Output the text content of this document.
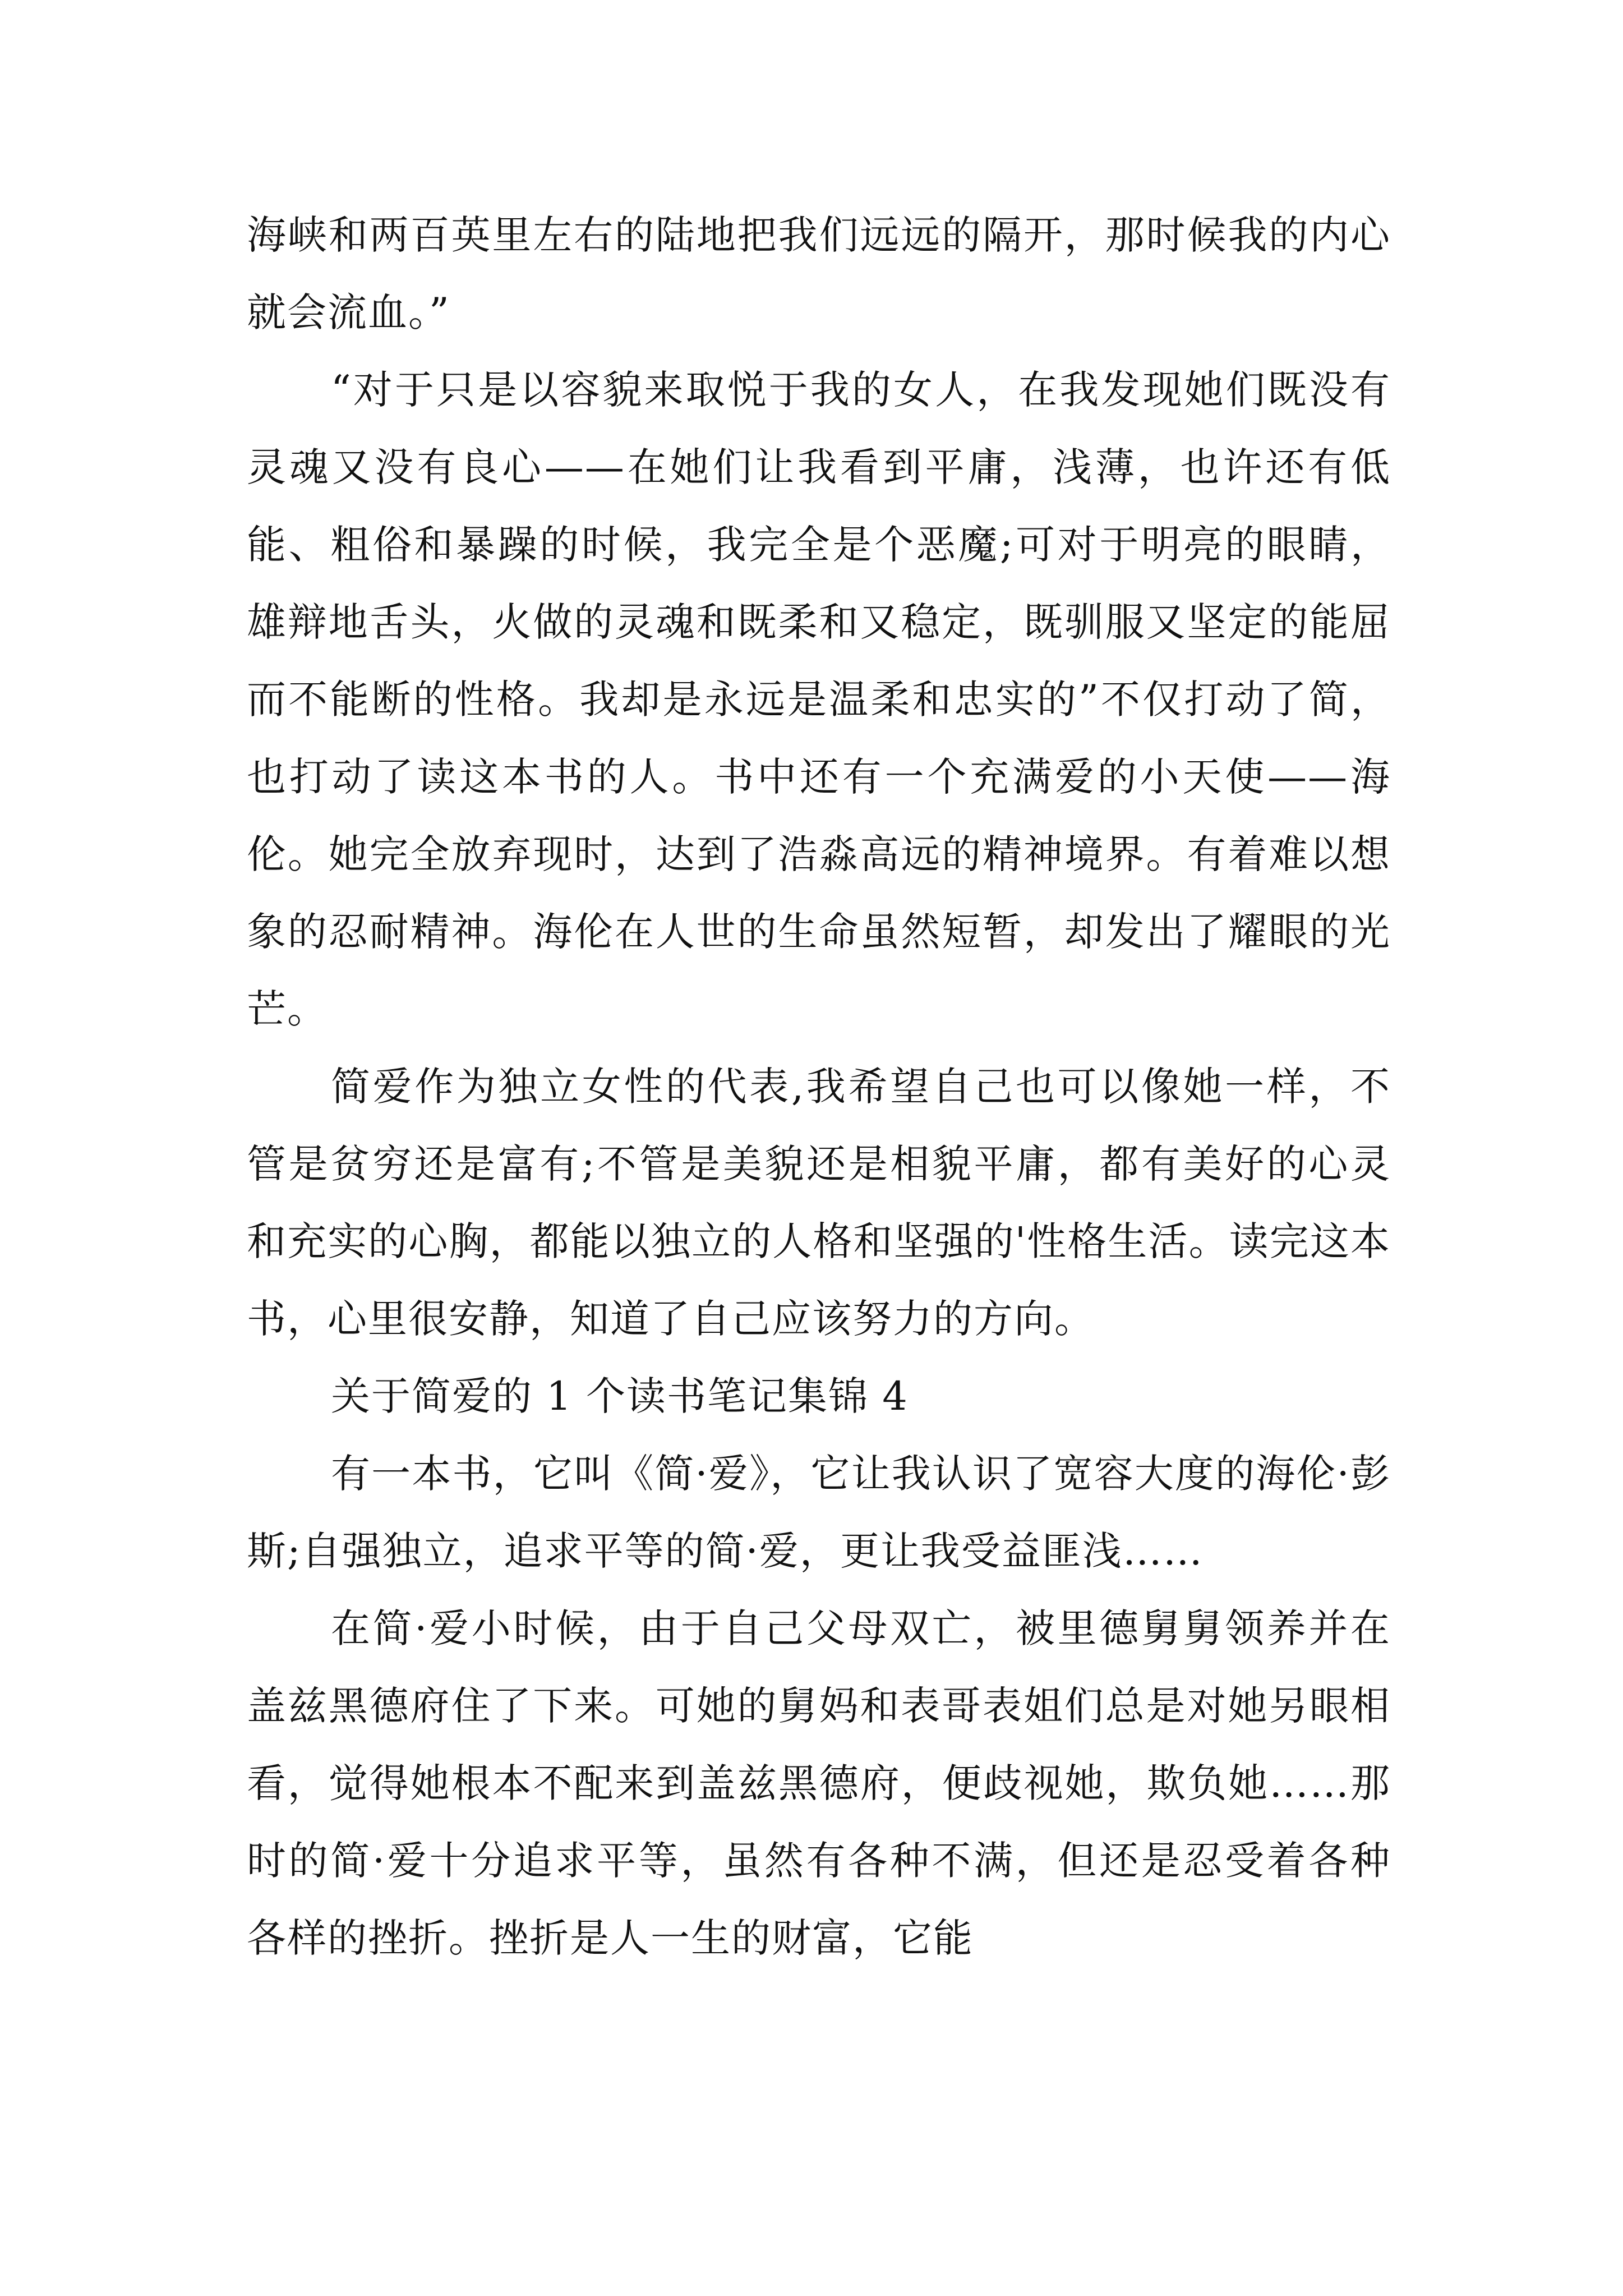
海峡和两百英里左右的陆地把我们远远的隔开，那时候我的内心就会流血。”

“对于只是以容貌来取悦于我的女人，在我发现她们既没有灵魂又没有良心——在她们让我看到平庸，浅薄，也许还有低能、粗俗和暴躁的时候，我完全是个恶魔;可对于明亮的眼睛，雄辩地舌头，火做的灵魂和既柔和又稳定，既驯服又坚定的能屈而不能断的性格。我却是永远是温柔和忠实的”不仅打动了简，也打动了读这本书的人。书中还有一个充满爱的小天使——海伦。她完全放弃现时，达到了浩淼高远的精神境界。有着难以想象的忍耐精神。海伦在人世的生命虽然短暂，却发出了耀眼的光芒。

简爱作为独立女性的代表,我希望自己也可以像她一样，不管是贫穷还是富有;不管是美貌还是相貌平庸，都有美好的心灵和充实的心胸，都能以独立的人格和坚强的'性格生活。读完这本书，心里很安静，知道了自己应该努力的方向。

关于简爱的 1 个读书笔记集锦 4

有一本书，它叫《简·爱》，它让我认识了宽容大度的海伦·彭斯;自强独立，追求平等的简·爱，更让我受益匪浅……

在简·爱小时候，由于自己父母双亡，被里德舅舅领养并在盖兹黑德府住了下来。可她的舅妈和表哥表姐们总是对她另眼相看，觉得她根本不配来到盖兹黑德府，便歧视她，欺负她……那时的简·爱十分追求平等，虽然有各种不满，但还是忍受着各种各样的挫折。挫折是人一生的财富，它能
